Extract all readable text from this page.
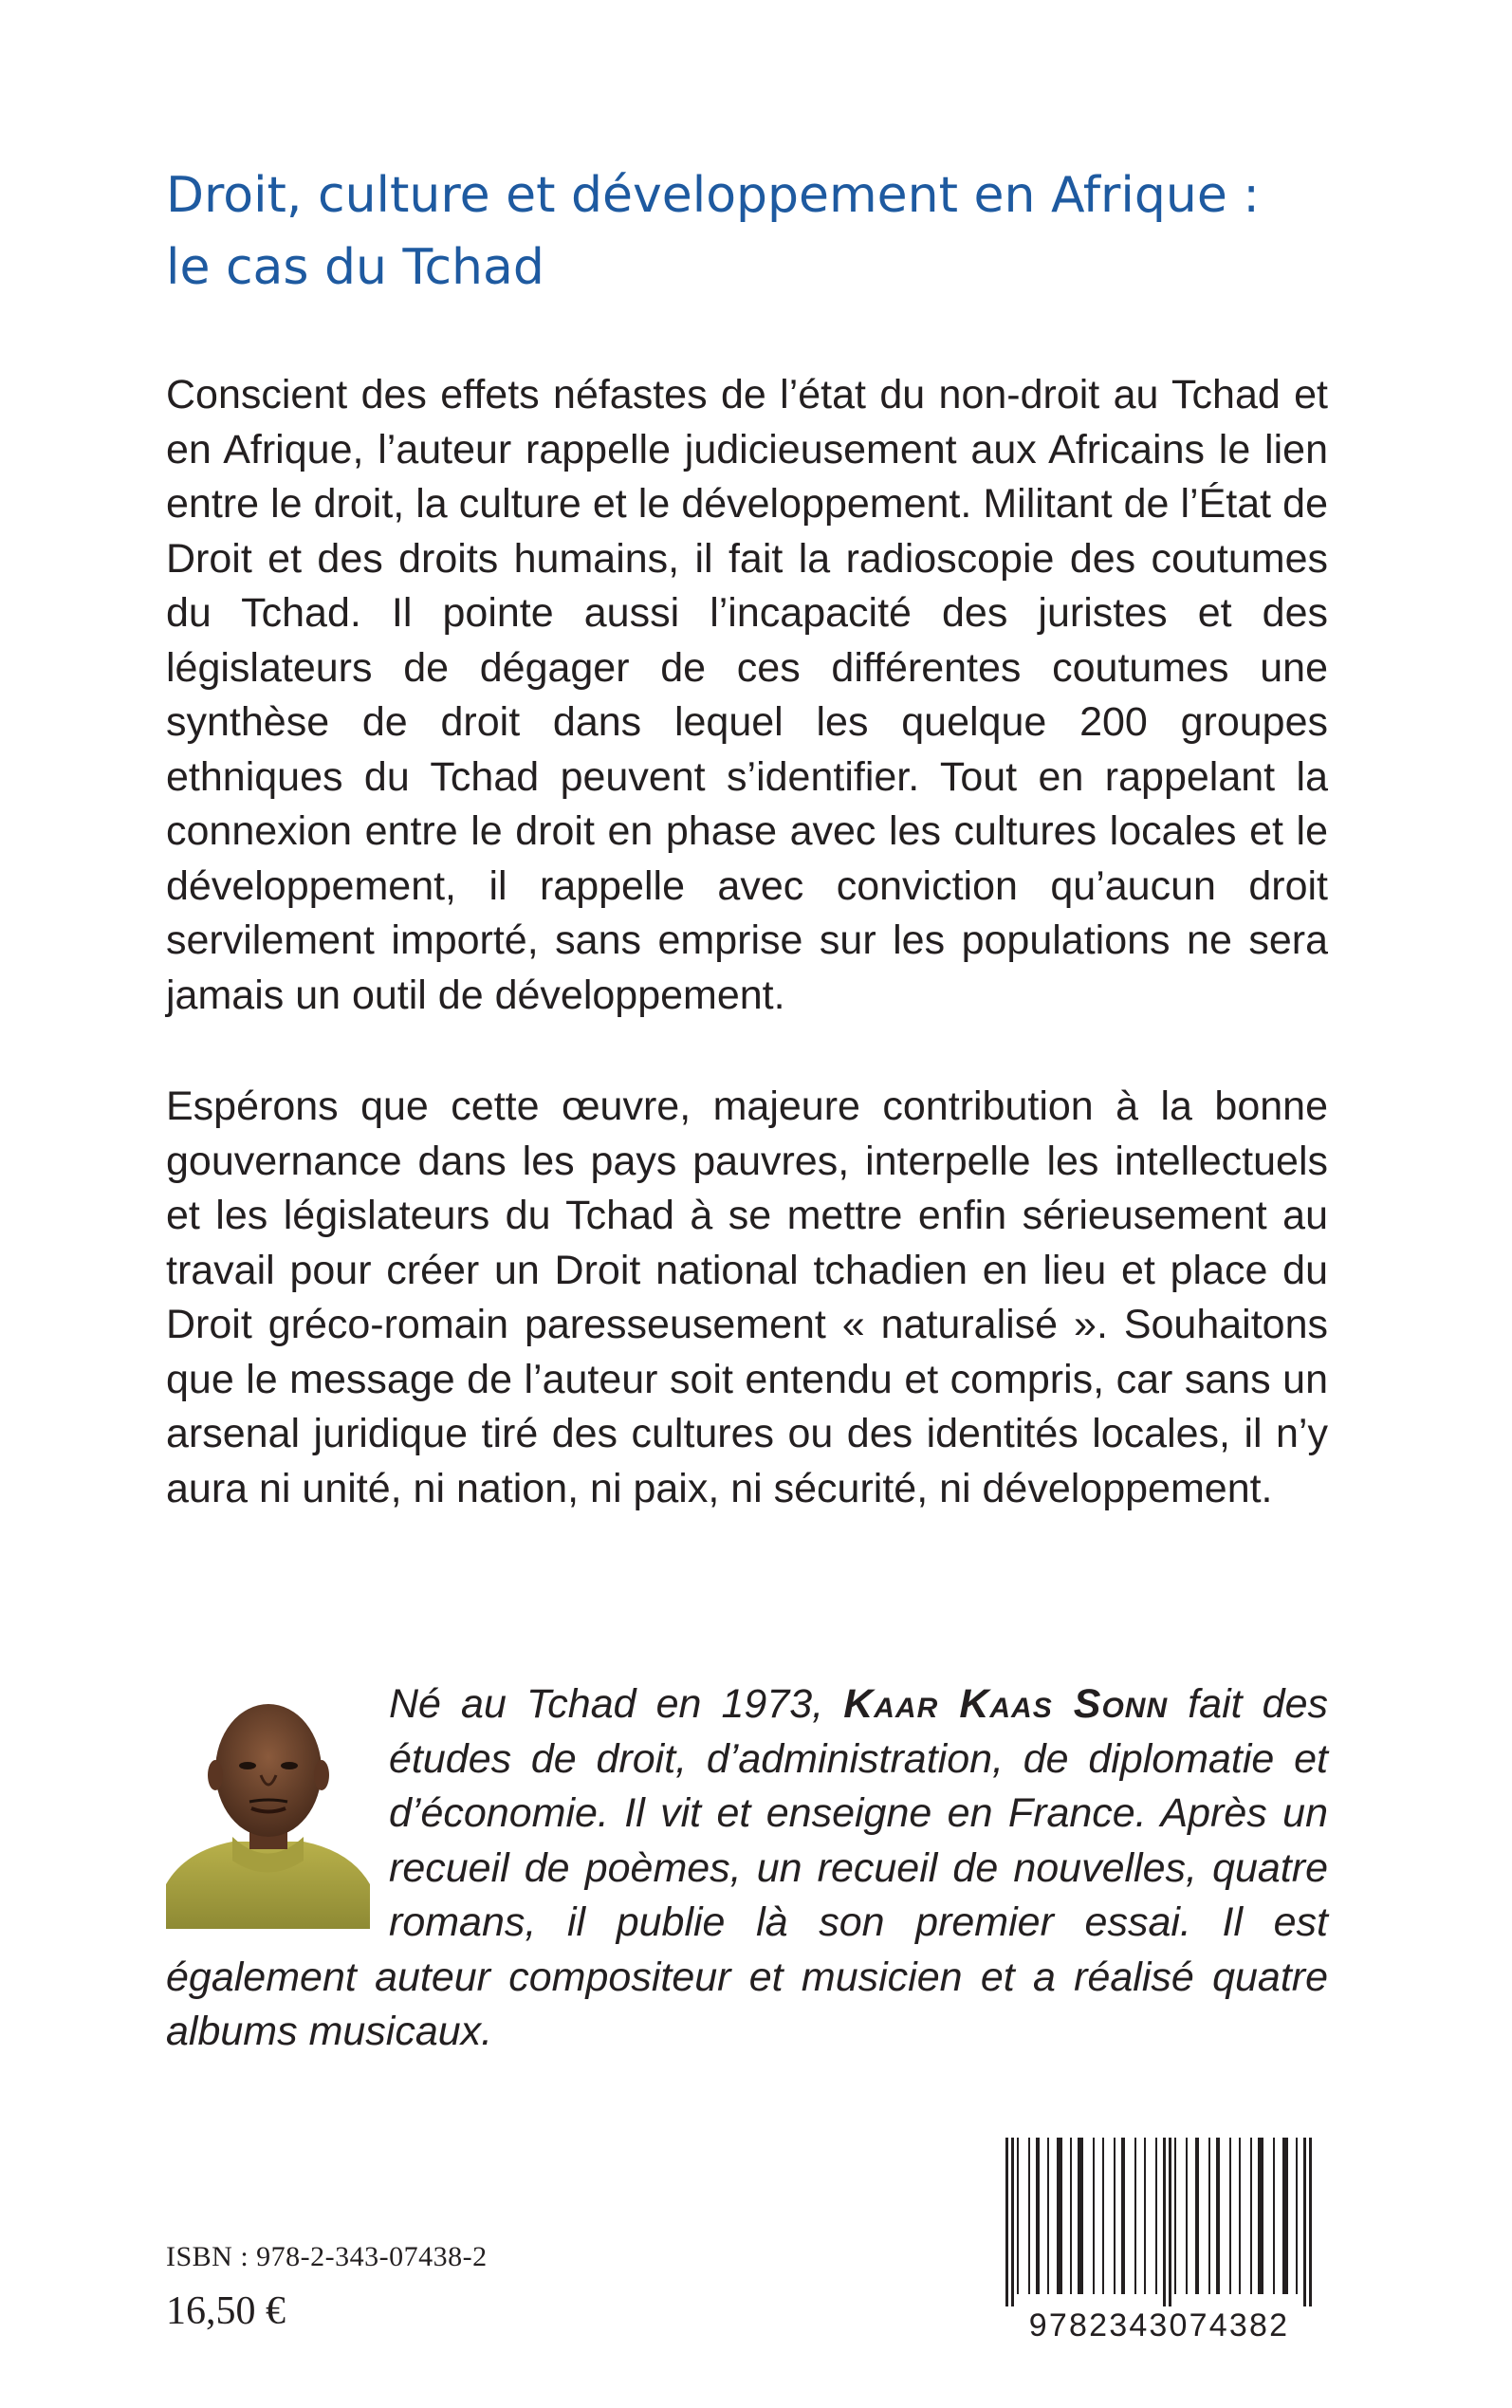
Droit, culture et développement en Afrique :
le cas du Tchad

Conscient des effets néfastes de l’état du non-droit au Tchad et en Afrique, l’auteur rappelle judicieusement aux Africains le lien entre le droit, la culture et le développement. Militant de l’État de Droit et des droits humains, il fait la radioscopie des coutumes du Tchad. Il pointe aussi l’incapacité des juristes et des législateurs de dégager de ces différentes coutumes une synthèse de droit dans lequel les quelque 200 groupes ethniques du Tchad peuvent s’identifier. Tout en rappelant la connexion entre le droit en phase avec les cultures locales et le développement, il rappelle avec conviction qu’aucun droit servilement importé, sans emprise sur les populations ne sera jamais un outil de développement.

Espérons que cette œuvre, majeure contribution à la bonne gouvernance dans les pays pauvres, interpelle les intellectuels et les législateurs du Tchad à se mettre enfin sérieusement au travail pour créer un Droit national tchadien en lieu et place du Droit gréco-romain paresseusement « naturalisé ». Souhaitons que le message de l’auteur soit entendu et compris, car sans un arsenal juridique tiré des cultures ou des identités locales, il n’y aura ni unité, ni nation, ni paix, ni sécurité, ni développement.

Né au Tchad en 1973, Kaar Kaas Sonn fait des études de droit, d’administration, de diplomatie et d’économie. Il vit et enseigne en France. Après un recueil de poèmes, un recueil de nouvelles, quatre romans, il publie là son premier essai. Il est également auteur compositeur et musicien et a réalisé quatre albums musicaux.

ISBN : 978-2-343-07438-2
16,50 €	9782343074382
